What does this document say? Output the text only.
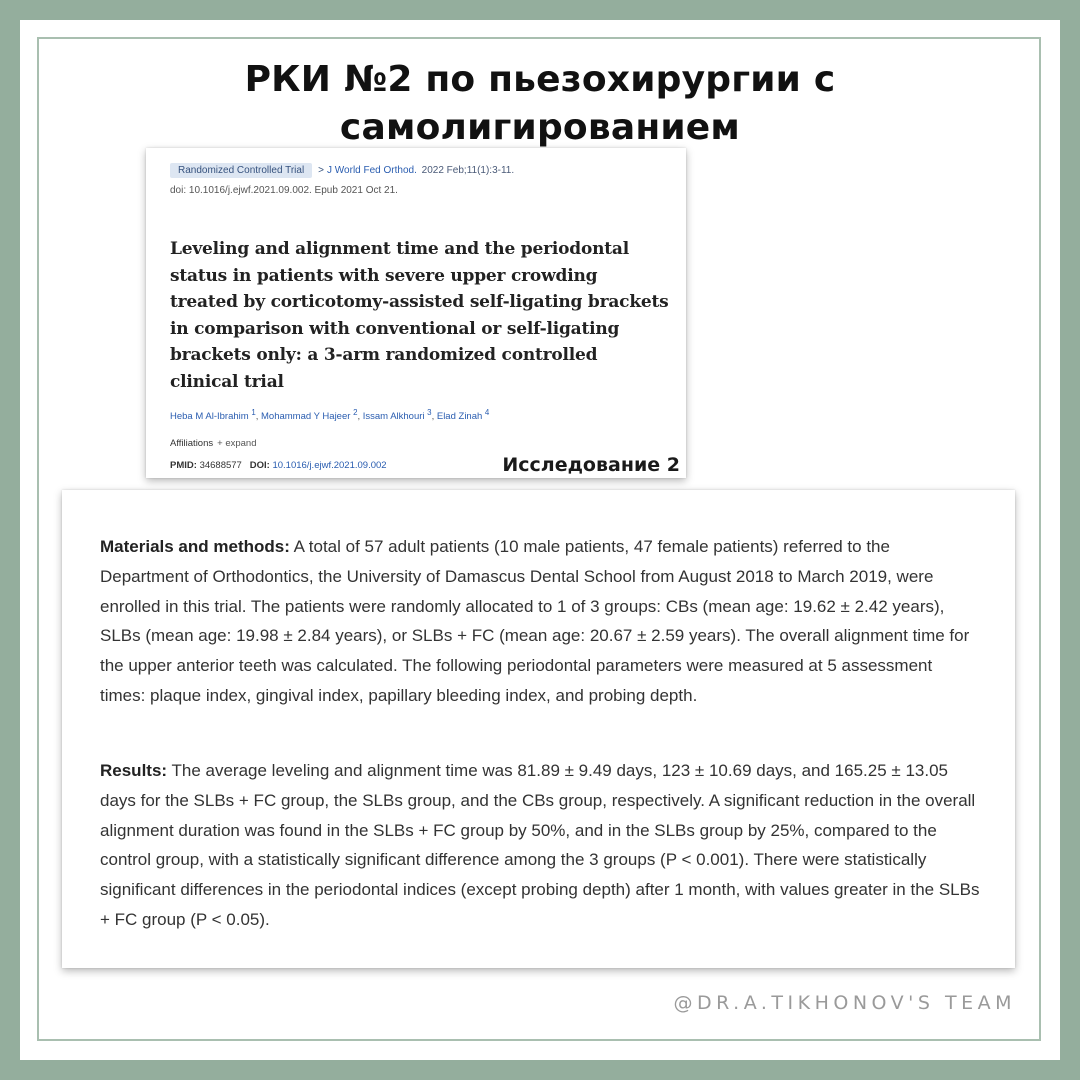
РКИ №2 по пьезохирургии с
самолигированием
Randomized Controlled Trial > J World Fed Orthod. 2022 Feb;11(1):3-11.
doi: 10.1016/j.ejwf.2021.09.002. Epub 2021 Oct 21.
Leveling and alignment time and the periodontal status in patients with severe upper crowding treated by corticotomy-assisted self-ligating brackets in comparison with conventional or self-ligating brackets only: a 3-arm randomized controlled clinical trial
Heba M Al-Ibrahim $^1$, Mohammad Y Hajeer $^2$, Issam Alkhouri $^3$, Elad Zinah $^4$
Affiliations + expand
PMID: 34688577 DOI: 10.1016/j.ejwf.2021.09.002	Исследование 2
Materials and methods: A total of 57 adult patients (10 male patients, 47 female patients) referred to the Department of Orthodontics, the University of Damascus Dental School from August 2018 to March 2019, were enrolled in this trial. The patients were randomly allocated to 1 of 3 groups: CBs (mean age: 19.62 ± 2.42 years), SLBs (mean age: 19.98 ± 2.84 years), or SLBs + FC (mean age: 20.67 ± 2.59 years). The overall alignment time for the upper anterior teeth was calculated. The following periodontal parameters were measured at 5 assessment times: plaque index, gingival index, papillary bleeding index, and probing depth.
Results: The average leveling and alignment time was 81.89 ± 9.49 days, 123 ± 10.69 days, and 165.25 ± 13.05 days for the SLBs + FC group, the SLBs group, and the CBs group, respectively. A significant reduction in the overall alignment duration was found in the SLBs + FC group by 50%, and in the SLBs group by 25%, compared to the control group, with a statistically significant difference among the 3 groups (P < 0.001). There were statistically significant differences in the periodontal indices (except probing depth) after 1 month, with values greater in the SLBs + FC group (P < 0.05).
@DR.A.TIKHONOV'S TEAM
